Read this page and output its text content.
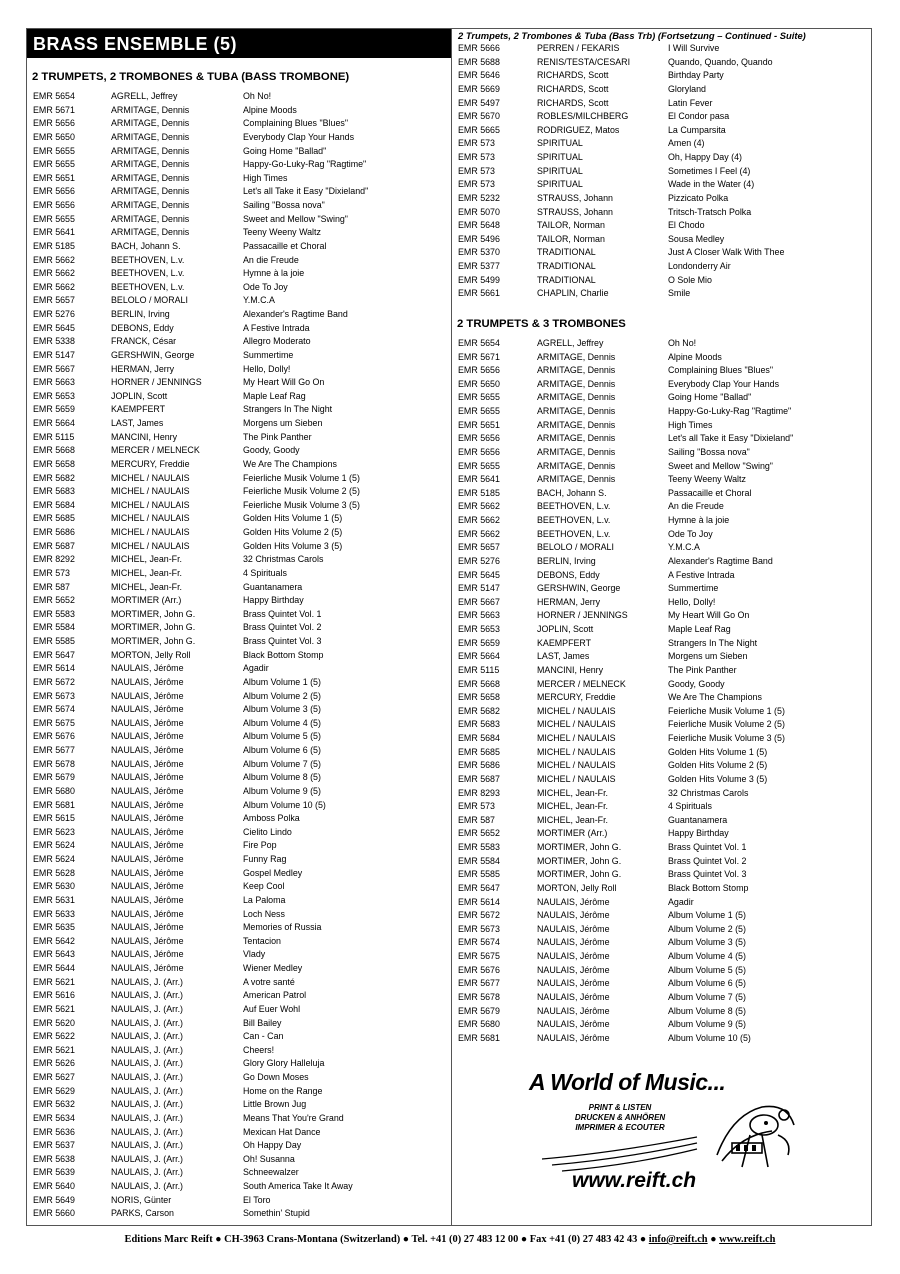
BRASS ENSEMBLE (5)
2 TRUMPETS, 2 TROMBONES & TUBA (BASS TROMBONE)
EMR 5654	AGRELL, Jeffrey	Oh No!
EMR 5671	ARMITAGE, Dennis	Alpine Moods
EMR 5656	ARMITAGE, Dennis	Complaining Blues "Blues"
EMR 5650	ARMITAGE, Dennis	Everybody Clap Your Hands
EMR 5655	ARMITAGE, Dennis	Going Home "Ballad"
EMR 5655	ARMITAGE, Dennis	Happy-Go-Luky-Rag "Ragtime"
EMR 5651	ARMITAGE, Dennis	High Times
EMR 5656	ARMITAGE, Dennis	Let's all Take it Easy "Dixieland"
EMR 5656	ARMITAGE, Dennis	Sailing "Bossa nova"
EMR 5655	ARMITAGE, Dennis	Sweet and Mellow "Swing"
EMR 5641	ARMITAGE, Dennis	Teeny Weeny Waltz
EMR 5185	BACH, Johann S.	Passacaille et Choral
EMR 5662	BEETHOVEN, L.v.	An die Freude
EMR 5662	BEETHOVEN, L.v.	Hymne à la joie
EMR 5662	BEETHOVEN, L.v.	Ode To Joy
EMR 5657	BELOLO / MORALI	Y.M.C.A
EMR 5276	BERLIN, Irving	Alexander's Ragtime Band
EMR 5645	DEBONS, Eddy	A Festive Intrada
EMR 5338	FRANCK, César	Allegro Moderato
EMR 5147	GERSHWIN, George	Summertime
EMR 5667	HERMAN, Jerry	Hello, Dolly!
EMR 5663	HORNER / JENNINGS	My Heart Will Go On
EMR 5653	JOPLIN, Scott	Maple Leaf Rag
EMR 5659	KAEMPFERT	Strangers In The Night
EMR 5664	LAST, James	Morgens um Sieben
EMR 5115	MANCINI, Henry	The Pink Panther
EMR 5668	MERCER / MELNECK	Goody, Goody
EMR 5658	MERCURY, Freddie	We Are The Champions
EMR 5682	MICHEL / NAULAIS	Feierliche Musik Volume 1 (5)
EMR 5683	MICHEL / NAULAIS	Feierliche Musik Volume 2 (5)
EMR 5684	MICHEL / NAULAIS	Feierliche Musik Volume 3 (5)
EMR 5685	MICHEL / NAULAIS	Golden Hits Volume 1 (5)
EMR 5686	MICHEL / NAULAIS	Golden Hits Volume 2 (5)
EMR 5687	MICHEL / NAULAIS	Golden Hits Volume 3 (5)
EMR 8292	MICHEL, Jean-Fr.	32 Christmas Carols
EMR 573	MICHEL, Jean-Fr.	4 Spirituals
EMR 587	MICHEL, Jean-Fr.	Guantanamera
EMR 5652	MORTIMER (Arr.)	Happy Birthday
EMR 5583	MORTIMER, John G.	Brass Quintet Vol. 1
EMR 5584	MORTIMER, John G.	Brass Quintet Vol. 2
EMR 5585	MORTIMER, John G.	Brass Quintet Vol. 3
EMR 5647	MORTON, Jelly Roll	Black Bottom Stomp
EMR 5614	NAULAIS, Jérôme	Agadir
EMR 5672	NAULAIS, Jérôme	Album Volume 1 (5)
EMR 5673	NAULAIS, Jérôme	Album Volume 2 (5)
EMR 5674	NAULAIS, Jérôme	Album Volume 3 (5)
EMR 5675	NAULAIS, Jérôme	Album Volume 4 (5)
EMR 5676	NAULAIS, Jérôme	Album Volume 5 (5)
EMR 5677	NAULAIS, Jérôme	Album Volume 6 (5)
EMR 5678	NAULAIS, Jérôme	Album Volume 7 (5)
EMR 5679	NAULAIS, Jérôme	Album Volume 8 (5)
EMR 5680	NAULAIS, Jérôme	Album Volume 9 (5)
EMR 5681	NAULAIS, Jérôme	Album Volume 10 (5)
EMR 5615	NAULAIS, Jérôme	Amboss Polka
EMR 5623	NAULAIS, Jérôme	Cielito Lindo
EMR 5624	NAULAIS, Jérôme	Fire Pop
EMR 5624	NAULAIS, Jérôme	Funny Rag
EMR 5628	NAULAIS, Jérôme	Gospel Medley
EMR 5630	NAULAIS, Jérôme	Keep Cool
EMR 5631	NAULAIS, Jérôme	La Paloma
EMR 5633	NAULAIS, Jérôme	Loch Ness
EMR 5635	NAULAIS, Jérôme	Memories of Russia
EMR 5642	NAULAIS, Jérôme	Tentacion
EMR 5643	NAULAIS, Jérôme	Vlady
EMR 5644	NAULAIS, Jérôme	Wiener Medley
EMR 5621	NAULAIS, J. (Arr.)	A votre santé
EMR 5616	NAULAIS, J. (Arr.)	American Patrol
EMR 5621	NAULAIS, J. (Arr.)	Auf Euer Wohl
EMR 5620	NAULAIS, J. (Arr.)	Bill Bailey
EMR 5622	NAULAIS, J. (Arr.)	Can - Can
EMR 5621	NAULAIS, J. (Arr.)	Cheers!
EMR 5626	NAULAIS, J. (Arr.)	Glory Glory Halleluja
EMR 5627	NAULAIS, J. (Arr.)	Go Down Moses
EMR 5629	NAULAIS, J. (Arr.)	Home on the Range
EMR 5632	NAULAIS, J. (Arr.)	Little Brown Jug
EMR 5634	NAULAIS, J. (Arr.)	Means That You're Grand
EMR 5636	NAULAIS, J. (Arr.)	Mexican Hat Dance
EMR 5637	NAULAIS, J. (Arr.)	Oh Happy Day
EMR 5638	NAULAIS, J. (Arr.)	Oh! Susanna
EMR 5639	NAULAIS, J. (Arr.)	Schneewalzer
EMR 5640	NAULAIS, J. (Arr.)	South America Take It Away
EMR 5649	NORIS, Günter	El Toro
EMR 5660	PARKS, Carson	Somethin' Stupid
2 Trumpets, 2 Trombones & Tuba (Bass Trb) (Fortsetzung – Continued - Suite)
EMR 5666	PERREN / FEKARIS	I Will Survive
EMR 5688	RENIS/TESTA/CESARI	Quando, Quando, Quando
EMR 5646	RICHARDS, Scott	Birthday Party
EMR 5669	RICHARDS, Scott	Gloryland
EMR 5497	RICHARDS, Scott	Latin Fever
EMR 5670	ROBLES/MILCHBERG	El Condor pasa
EMR 5665	RODRIGUEZ, Matos	La Cumparsita
EMR 573	SPIRITUAL	Amen (4)
EMR 573	SPIRITUAL	Oh, Happy Day (4)
EMR 573	SPIRITUAL	Sometimes I Feel (4)
EMR 573	SPIRITUAL	Wade in the Water (4)
EMR 5232	STRAUSS, Johann	Pizzicato Polka
EMR 5070	STRAUSS, Johann	Tritsch-Tratsch Polka
EMR 5648	TAILOR, Norman	El Chodo
EMR 5496	TAILOR, Norman	Sousa Medley
EMR 5370	TRADITIONAL	Just A Closer Walk With Thee
EMR 5377	TRADITIONAL	Londonderry Air
EMR 5499	TRADITIONAL	O Sole Mio
EMR 5661	CHAPLIN, Charlie	Smile
2 TRUMPETS & 3 TROMBONES
EMR 5654	AGRELL, Jeffrey	Oh No!
EMR 5671	ARMITAGE, Dennis	Alpine Moods
EMR 5656	ARMITAGE, Dennis	Complaining Blues "Blues"
EMR 5650	ARMITAGE, Dennis	Everybody Clap Your Hands
EMR 5655	ARMITAGE, Dennis	Going Home "Ballad"
EMR 5655	ARMITAGE, Dennis	Happy-Go-Luky-Rag "Ragtime"
EMR 5651	ARMITAGE, Dennis	High Times
EMR 5656	ARMITAGE, Dennis	Let's all Take it Easy "Dixieland"
EMR 5656	ARMITAGE, Dennis	Sailing "Bossa nova"
EMR 5655	ARMITAGE, Dennis	Sweet and Mellow "Swing"
EMR 5641	ARMITAGE, Dennis	Teeny Weeny Waltz
EMR 5185	BACH, Johann S.	Passacaille et Choral
EMR 5662	BEETHOVEN, L.v.	An die Freude
EMR 5662	BEETHOVEN, L.v.	Hymne à la joie
EMR 5662	BEETHOVEN, L.v.	Ode To Joy
EMR 5657	BELOLO / MORALI	Y.M.C.A
EMR 5276	BERLIN, Irving	Alexander's Ragtime Band
EMR 5645	DEBONS, Eddy	A Festive Intrada
EMR 5147	GERSHWIN, George	Summertime
EMR 5667	HERMAN, Jerry	Hello, Dolly!
EMR 5663	HORNER / JENNINGS	My Heart Will Go On
EMR 5653	JOPLIN, Scott	Maple Leaf Rag
EMR 5659	KAEMPFERT	Strangers In The Night
EMR 5664	LAST, James	Morgens um Sieben
EMR 5115	MANCINI, Henry	The Pink Panther
EMR 5668	MERCER / MELNECK	Goody, Goody
EMR 5658	MERCURY, Freddie	We Are The Champions
EMR 5682	MICHEL / NAULAIS	Feierliche Musik Volume 1 (5)
EMR 5683	MICHEL / NAULAIS	Feierliche Musik Volume 2 (5)
EMR 5684	MICHEL / NAULAIS	Feierliche Musik Volume 3 (5)
EMR 5685	MICHEL / NAULAIS	Golden Hits Volume 1 (5)
EMR 5686	MICHEL / NAULAIS	Golden Hits Volume 2 (5)
EMR 5687	MICHEL / NAULAIS	Golden Hits Volume 3 (5)
EMR 8293	MICHEL, Jean-Fr.	32 Christmas Carols
EMR 573	MICHEL, Jean-Fr.	4 Spirituals
EMR 587	MICHEL, Jean-Fr.	Guantanamera
EMR 5652	MORTIMER (Arr.)	Happy Birthday
EMR 5583	MORTIMER, John G.	Brass Quintet Vol. 1
EMR 5584	MORTIMER, John G.	Brass Quintet Vol. 2
EMR 5585	MORTIMER, John G.	Brass Quintet Vol. 3
EMR 5647	MORTON, Jelly Roll	Black Bottom Stomp
EMR 5614	NAULAIS, Jérôme	Agadir
EMR 5672	NAULAIS, Jérôme	Album Volume 1 (5)
EMR 5673	NAULAIS, Jérôme	Album Volume 2 (5)
EMR 5674	NAULAIS, Jérôme	Album Volume 3 (5)
EMR 5675	NAULAIS, Jérôme	Album Volume 4 (5)
EMR 5676	NAULAIS, Jérôme	Album Volume 5 (5)
EMR 5677	NAULAIS, Jérôme	Album Volume 6 (5)
EMR 5678	NAULAIS, Jérôme	Album Volume 7 (5)
EMR 5679	NAULAIS, Jérôme	Album Volume 8 (5)
EMR 5680	NAULAIS, Jérôme	Album Volume 9 (5)
EMR 5681	NAULAIS, Jérôme	Album Volume 10 (5)
A World of Music...
PRINT & LISTEN
DRUCKEN & ANHÖREN
IMPRIMER & ECOUTER
www.reift.ch
Editions Marc Reift ● CH-3963 Crans-Montana (Switzerland) ● Tel. +41 (0) 27 483 12 00 ● Fax +41 (0) 27 483 42 43 ● info@reift.ch ● www.reift.ch
